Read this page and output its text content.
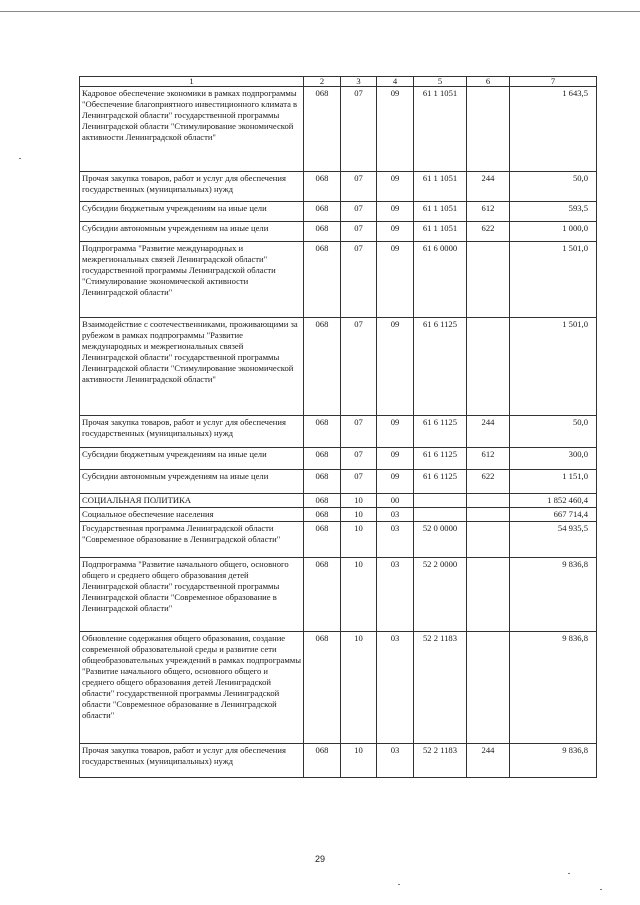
1	2	3	4	5	6	7
Кадровое обеспечение экономики в рамках подпрограммы "Обеспечение благоприятного инвестиционного климата в Ленинградской области" государственной программы Ленинградской области "Стимулирование экономической активности Ленинградской области"	068	07	09	61 1 1051		1 643,5
Прочая закупка товаров, работ и услуг для обеспечения государственных (муниципальных) нужд	068	07	09	61 1 1051	244	50,0
Субсидии бюджетным учреждениям на иные цели	068	07	09	61 1 1051	612	593,5
Субсидии автономным учреждениям на иные цели	068	07	09	61 1 1051	622	1 000,0
Подпрограмма "Развитие международных и межрегиональных связей Ленинградской области" государственной программы Ленинградской области "Стимулирование экономической активности Ленинградской области"	068	07	09	61 6 0000		1 501,0
Взаимодействие с соотечественниками, проживающими за рубежом в рамках подпрограммы "Развитие международных и межрегиональных связей Ленинградской области" государственной программы Ленинградской области "Стимулирование экономической активности Ленинградской области"	068	07	09	61 6 1125		1 501,0
Прочая закупка товаров, работ и услуг для обеспечения государственных (муниципальных) нужд	068	07	09	61 6 1125	244	50,0
Субсидии бюджетным учреждениям на иные цели	068	07	09	61 6 1125	612	300,0
Субсидии автономным учреждениям на иные цели	068	07	09	61 6 1125	622	1 151,0
СОЦИАЛЬНАЯ ПОЛИТИКА	068	10	00			1 852 460,4
Социальное обеспечение населения	068	10	03			667 714,4
Государственная программа Ленинградской области "Современное образование в Ленинградской области"	068	10	03	52 0 0000		54 935,5
Подпрограмма "Развитие начального общего, основного общего и среднего общего образования детей Ленинградской области" государственной программы Ленинградской области "Современное образование в Ленинградской области"	068	10	03	52 2 0000		9 836,8
Обновление содержания общего образования, создание современной образовательной среды и развитие сети общеобразовательных учреждений в рамках подпрограммы "Развитие начального общего, основного общего и среднего общего образования детей Ленинградской области" государственной программы Ленинградской области "Современное образование в Ленинградской области"	068	10	03	52 2 1183		9 836,8
Прочая закупка товаров, работ и услуг для обеспечения государственных (муниципальных) нужд	068	10	03	52 2 1183	244	9 836,8
29
